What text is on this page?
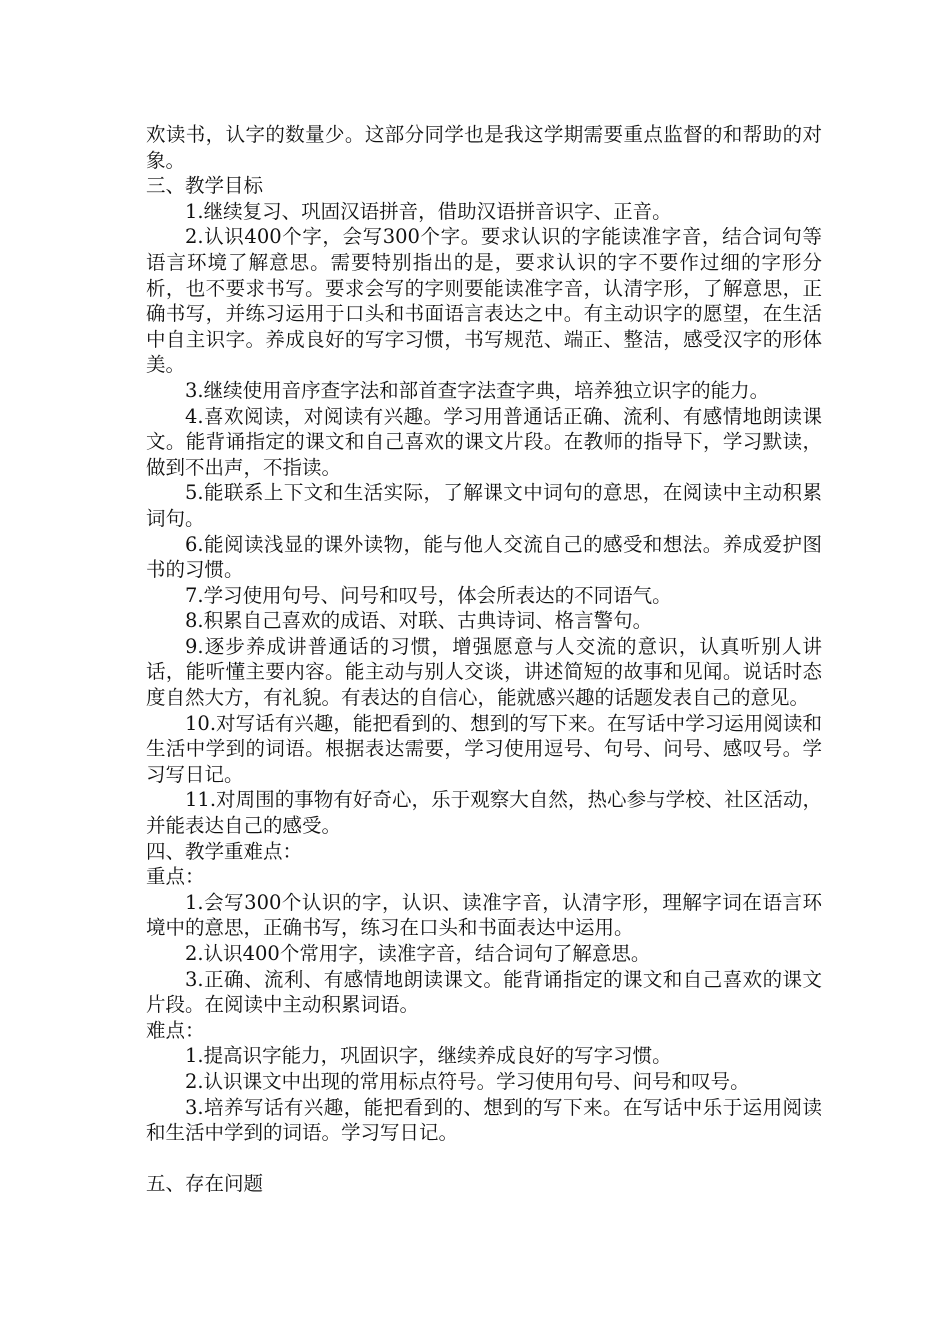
欢读书，认字的数量少。这部分同学也是我这学期需要重点监督的和帮助的对象。

三、教学目标

1.继续复习、巩固汉语拼音，借助汉语拼音识字、正音。

2.认识400个字，会写300个字。要求认识的字能读准字音，结合词句等语言环境了解意思。需要特别指出的是，要求认识的字不要作过细的字形分析，也不要求书写。要求会写的字则要能读准字音，认清字形，了解意思，正确书写，并练习运用于口头和书面语言表达之中。有主动识字的愿望，在生活中自主识字。养成良好的写字习惯，书写规范、端正、整洁，感受汉字的形体美。

3.继续使用音序查字法和部首查字法查字典，培养独立识字的能力。

4.喜欢阅读，对阅读有兴趣。学习用普通话正确、流利、有感情地朗读课文。能背诵指定的课文和自己喜欢的课文片段。在教师的指导下，学习默读，做到不出声，不指读。

5.能联系上下文和生活实际，了解课文中词句的意思，在阅读中主动积累词句。

6.能阅读浅显的课外读物，能与他人交流自己的感受和想法。养成爱护图书的习惯。

7.学习使用句号、问号和叹号，体会所表达的不同语气。

8.积累自己喜欢的成语、对联、古典诗词、格言警句。

9.逐步养成讲普通话的习惯，增强愿意与人交流的意识，认真听别人讲话，能听懂主要内容。能主动与别人交谈，讲述简短的故事和见闻。说话时态度自然大方，有礼貌。有表达的自信心，能就感兴趣的话题发表自己的意见。

10.对写话有兴趣，能把看到的、想到的写下来。在写话中学习运用阅读和生活中学到的词语。根据表达需要，学习使用逗号、句号、问号、感叹号。学习写日记。

11.对周围的事物有好奇心，乐于观察大自然，热心参与学校、社区活动，并能表达自己的感受。

四、教学重难点：

重点：

1.会写300个认识的字，认识、读准字音，认清字形，理解字词在语言环境中的意思，正确书写，练习在口头和书面表达中运用。

2.认识400个常用字，读准字音，结合词句了解意思。

3.正确、流利、有感情地朗读课文。能背诵指定的课文和自己喜欢的课文片段。在阅读中主动积累词语。

难点：

1.提高识字能力，巩固识字，继续养成良好的写字习惯。

2.认识课文中出现的常用标点符号。学习使用句号、问号和叹号。

3.培养写话有兴趣，能把看到的、想到的写下来。在写话中乐于运用阅读和生活中学到的词语。学习写日记。

五、存在问题
